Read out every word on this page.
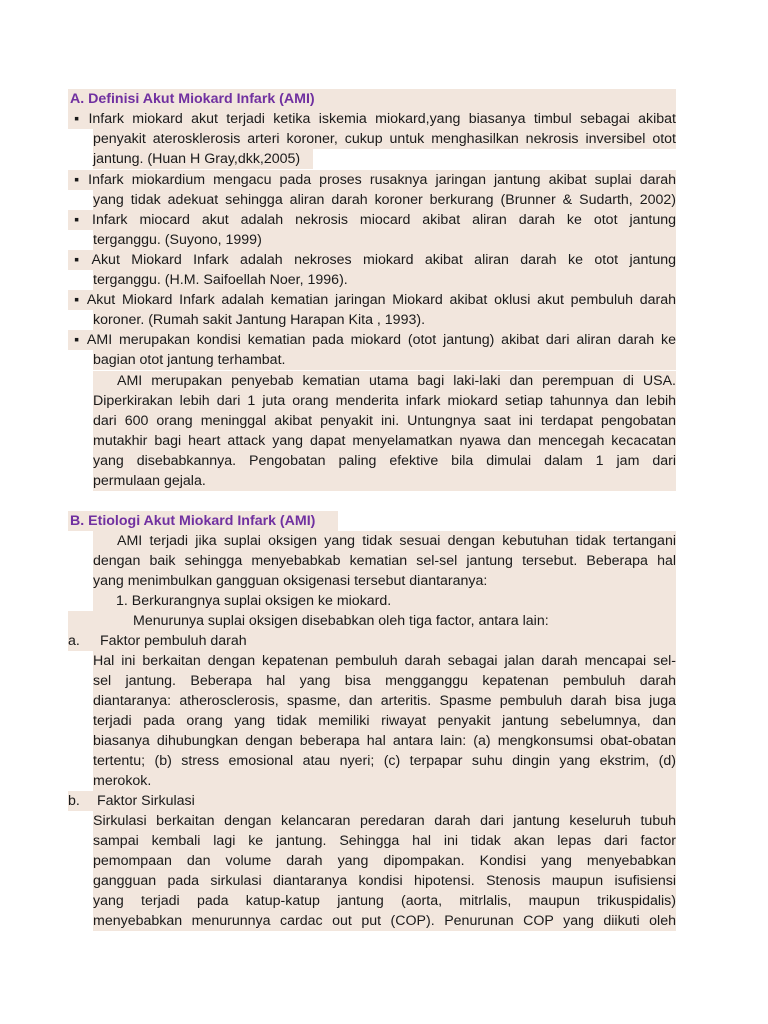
A. Definisi Akut Miokard Infark (AMI)
▪ Infark miokard akut terjadi ketika iskemia miokard,yang biasanya timbul sebagai akibat
penyakit aterosklerosis arteri koroner, cukup untuk menghasilkan nekrosis inversibel otot
jantung. (Huan H Gray,dkk,2005)
▪ Infark miokardium mengacu pada proses rusaknya jaringan jantung akibat suplai darah
yang tidak adekuat sehingga aliran darah koroner berkurang (Brunner & Sudarth, 2002)
▪ Infark miocard akut adalah nekrosis miocard akibat aliran darah ke otot jantung
terganggu. (Suyono, 1999)
▪ Akut Miokard Infark adalah nekroses miokard akibat aliran darah ke otot jantung
terganggu. (H.M. Saifoellah Noer, 1996).
▪ Akut Miokard Infark adalah kematian jaringan Miokard akibat oklusi akut pembuluh darah
koroner. (Rumah sakit Jantung Harapan Kita , 1993).
▪ AMI merupakan kondisi kematian pada miokard (otot jantung) akibat dari aliran darah ke
bagian otot jantung terhambat.
AMI merupakan penyebab kematian utama bagi laki-laki dan perempuan di USA.
Diperkirakan lebih dari 1 juta orang menderita infark miokard setiap tahunnya dan lebih
dari 600 orang meninggal akibat penyakit ini. Untungnya saat ini terdapat pengobatan
mutakhir bagi heart attack yang dapat menyelamatkan nyawa dan mencegah kecacatan
yang disebabkannya. Pengobatan paling efektive bila dimulai dalam 1 jam dari
permulaan gejala.
B. Etiologi Akut Miokard Infark (AMI)
AMI terjadi jika suplai oksigen yang tidak sesuai dengan kebutuhan tidak tertangani
dengan baik sehingga menyebabkab kematian sel-sel jantung tersebut. Beberapa hal
yang menimbulkan gangguan oksigenasi tersebut diantaranya:
1. Berkurangnya suplai oksigen ke miokard.
Menurunya suplai oksigen disebabkan oleh tiga factor, antara lain:
a. Faktor pembuluh darah
Hal ini berkaitan dengan kepatenan pembuluh darah sebagai jalan darah mencapai sel-
sel jantung. Beberapa hal yang bisa mengganggu kepatenan pembuluh darah
diantaranya: atherosclerosis, spasme, dan arteritis. Spasme pembuluh darah bisa juga
terjadi pada orang yang tidak memiliki riwayat penyakit jantung sebelumnya, dan
biasanya dihubungkan dengan beberapa hal antara lain: (a) mengkonsumsi obat-obatan
tertentu; (b) stress emosional atau nyeri; (c) terpapar suhu dingin yang ekstrim, (d)
merokok.
b. Faktor Sirkulasi
Sirkulasi berkaitan dengan kelancaran peredaran darah dari jantung keseluruh tubuh
sampai kembali lagi ke jantung. Sehingga hal ini tidak akan lepas dari factor
pemompaan dan volume darah yang dipompakan. Kondisi yang menyebabkan
gangguan pada sirkulasi diantaranya kondisi hipotensi. Stenosis maupun isufisiensi
yang terjadi pada katup-katup jantung (aorta, mitrlalis, maupun trikuspidalis)
menyebabkan menurunnya cardac out put (COP). Penurunan COP yang diikuti oleh
